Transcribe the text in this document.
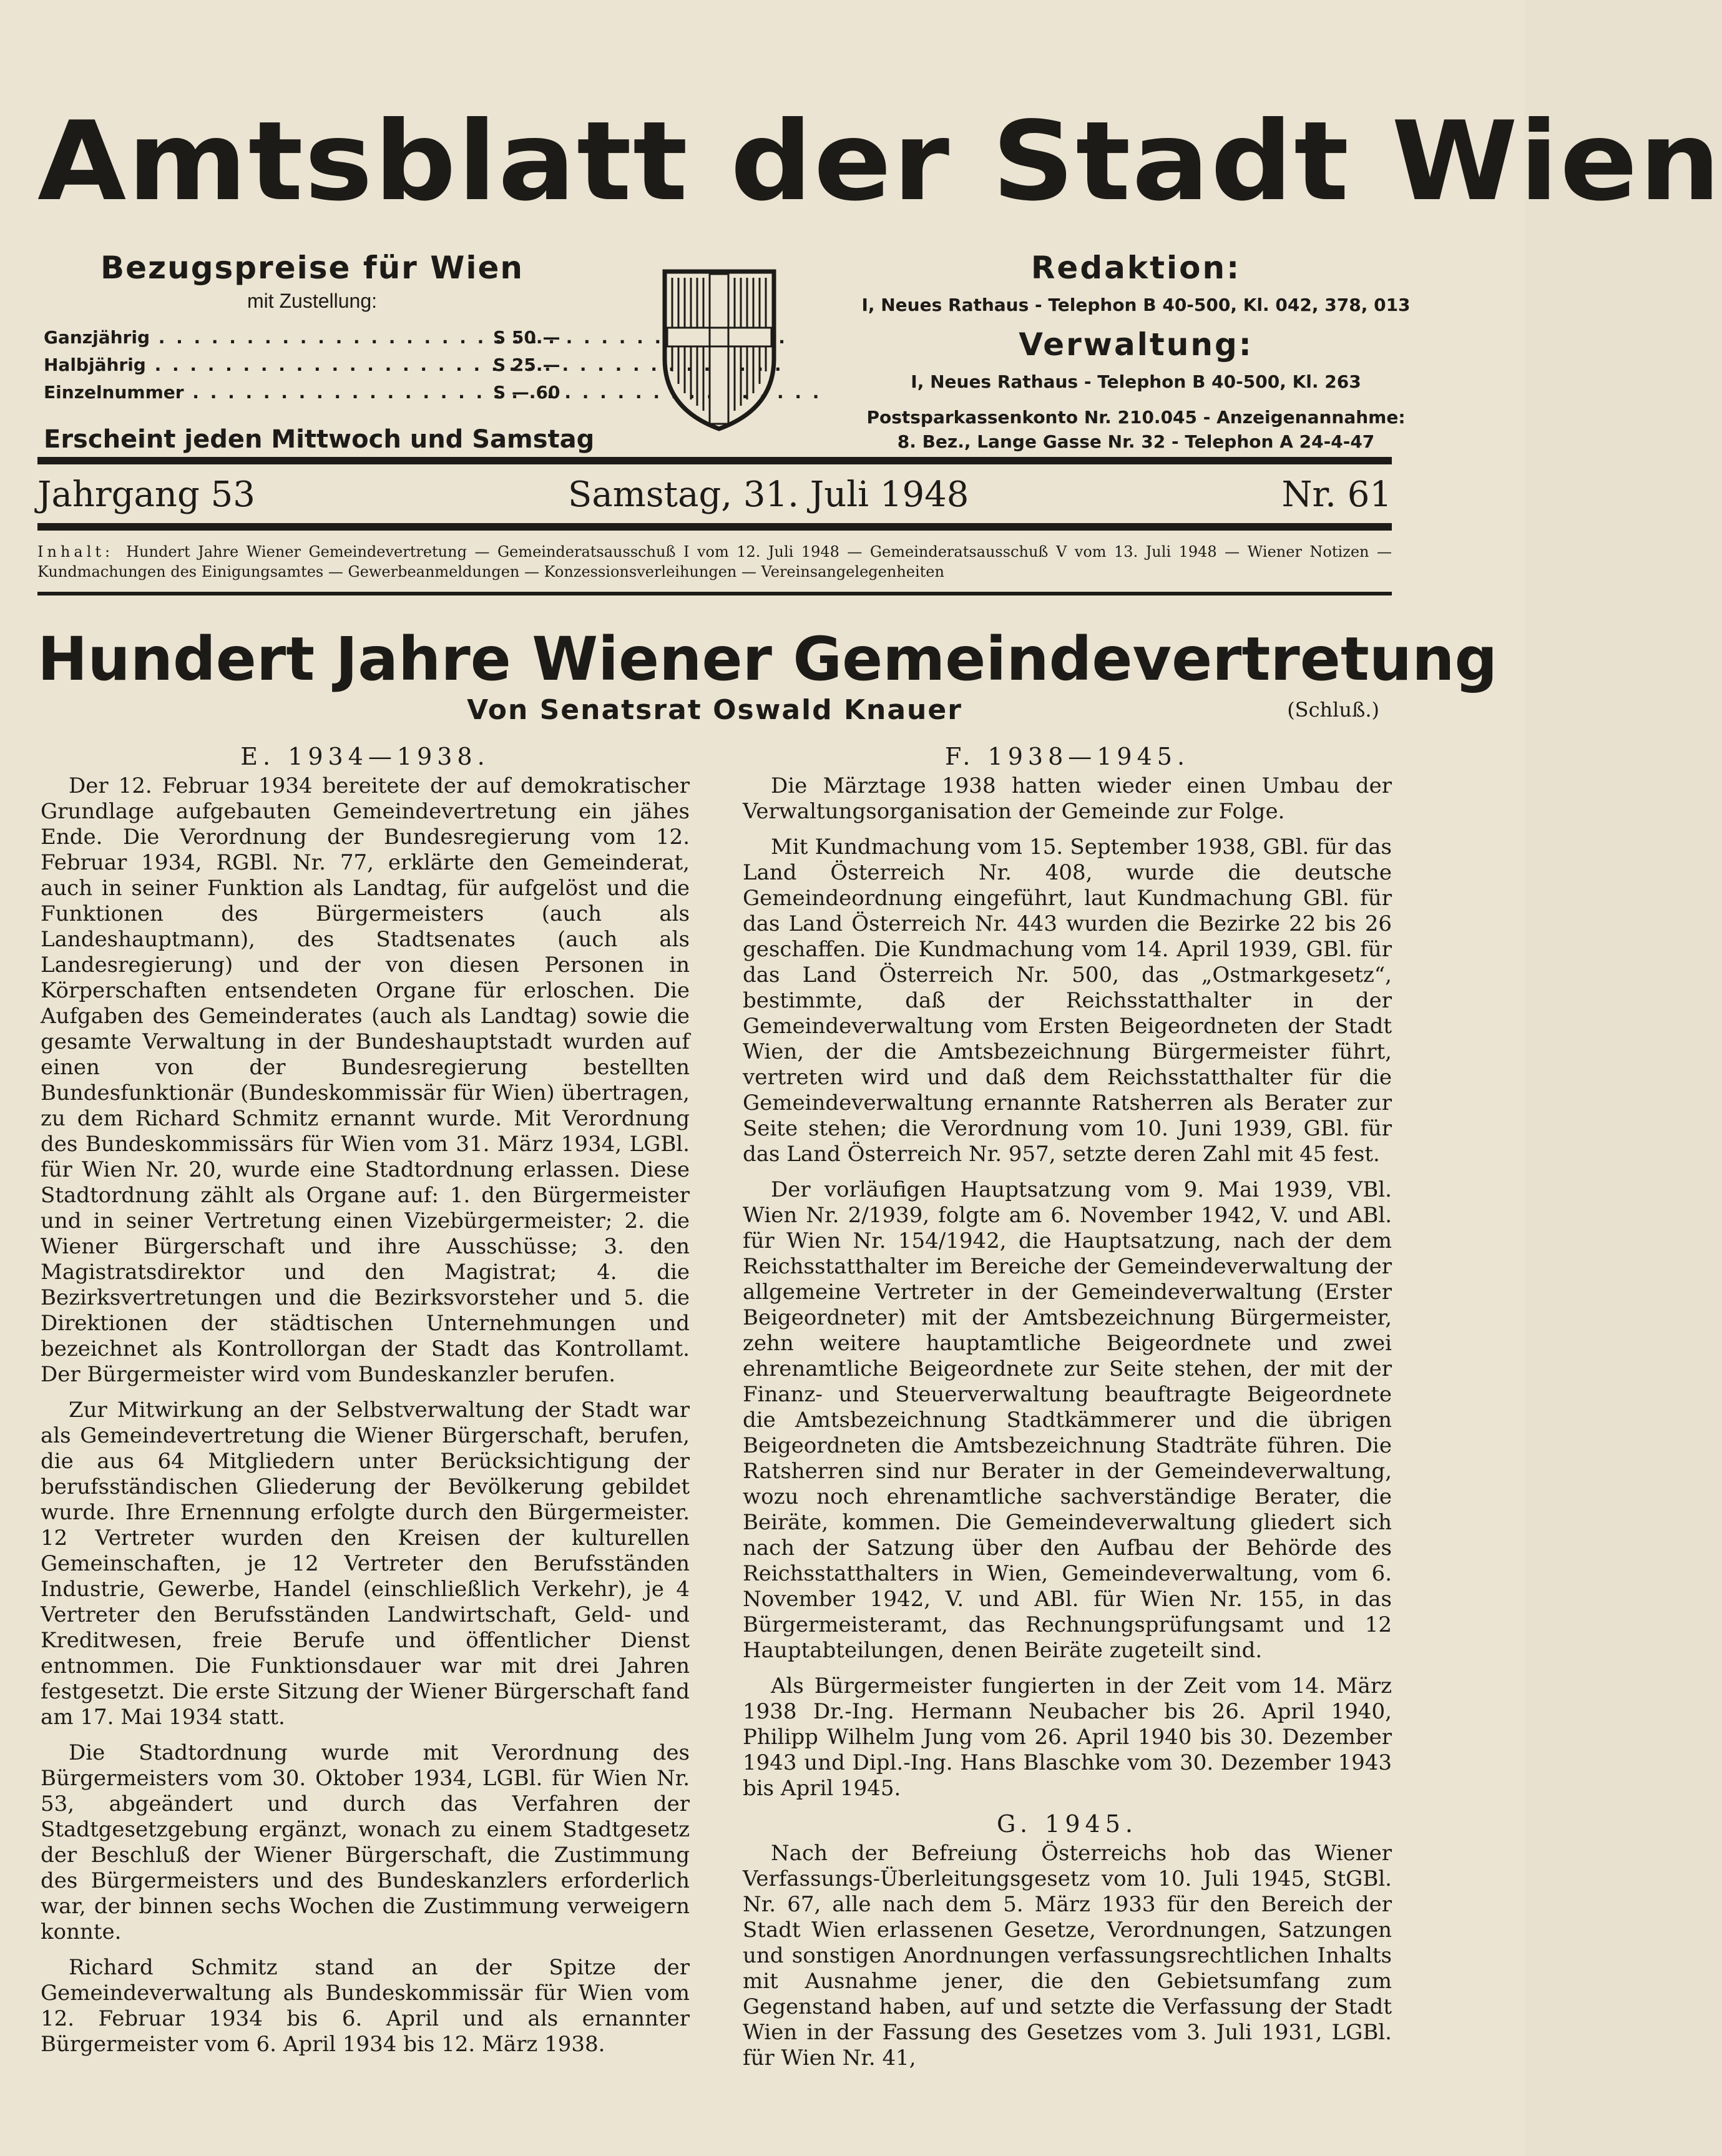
Amtsblatt der Stadt Wien
Bezugspreise für Wien
mit Zustellung:
Ganzjährig . . .	S 50.—
Halbjährig . . .	S 25.—
Einzelnummer . . .	S —.60
Erscheint jeden Mittwoch und Samstag
Redaktion:
I, Neues Rathaus - Telephon B 40-500, Kl. 042, 378, 013
Verwaltung:
I, Neues Rathaus - Telephon B 40-500, Kl. 263
Postsparkassenkonto Nr. 210.045 - Anzeigenannahme:
8. Bez., Lange Gasse Nr. 32 - Telephon A 24-4-47
Jahrgang 53	Samstag, 31. Juli 1948	Nr. 61
Inhalt: Hundert Jahre Wiener Gemeindevertretung — Gemeinderatsausschuß I vom 12. Juli 1948 — Gemeinderatsausschuß V vom 13. Juli 1948 — Wiener Notizen — Kundmachungen des Einigungsamtes — Gewerbeanmeldungen — Konzessionsverleihungen — Vereinsangelegenheiten
Hundert Jahre Wiener Gemeindevertretung
Von Senatsrat Oswald Knauer	(Schluß.)
E. 1934—1938.

Der 12. Februar 1934 bereitete der auf demokratischer Grundlage aufgebauten Gemeindevertretung ein jähes Ende. Die Verordnung der Bundesregierung vom 12. Februar 1934, RGBl. Nr. 77, erklärte den Gemeinderat, auch in seiner Funktion als Landtag, für aufgelöst und die Funktionen des Bürgermeisters (auch als Landeshauptmann), des Stadtsenates (auch als Landesregierung) und der von diesen Personen in Körperschaften entsendeten Organe für erloschen. Die Aufgaben des Gemeinderates (auch als Landtag) sowie die gesamte Verwaltung in der Bundeshauptstadt wurden auf einen von der Bundesregierung bestellten Bundesfunktionär (Bundeskommissär für Wien) übertragen, zu dem Richard Schmitz ernannt wurde. Mit Verordnung des Bundeskommissärs für Wien vom 31. März 1934, LGBl. für Wien Nr. 20, wurde eine Stadtordnung erlassen. Diese Stadtordnung zählt als Organe auf: 1. den Bürgermeister und in seiner Vertretung einen Vizebürgermeister; 2. die Wiener Bürgerschaft und ihre Ausschüsse; 3. den Magistratsdirektor und den Magistrat; 4. die Bezirksvertretungen und die Bezirksvorsteher und 5. die Direktionen der städtischen Unternehmungen und bezeichnet als Kontrollorgan der Stadt das Kontrollamt. Der Bürgermeister wird vom Bundeskanzler berufen.

Zur Mitwirkung an der Selbstverwaltung der Stadt war als Gemeindevertretung die Wiener Bürgerschaft, berufen, die aus 64 Mitgliedern unter Berücksichtigung der berufsständischen Gliederung der Bevölkerung gebildet wurde. Ihre Ernennung erfolgte durch den Bürgermeister. 12 Vertreter wurden den Kreisen der kulturellen Gemeinschaften, je 12 Vertreter den Berufsständen Industrie, Gewerbe, Handel (einschließlich Verkehr), je 4 Vertreter den Berufsständen Landwirtschaft, Geld- und Kreditwesen, freie Berufe und öffentlicher Dienst entnommen. Die Funktionsdauer war mit drei Jahren festgesetzt. Die erste Sitzung der Wiener Bürgerschaft fand am 17. Mai 1934 statt.

Die Stadtordnung wurde mit Verordnung des Bürgermeisters vom 30. Oktober 1934, LGBl. für Wien Nr. 53, abgeändert und durch das Verfahren der Stadtgesetzgebung ergänzt, wonach zu einem Stadtgesetz der Beschluß der Wiener Bürgerschaft, die Zustimmung des Bürgermeisters und des Bundeskanzlers erforderlich war, der binnen sechs Wochen die Zustimmung verweigern konnte.

Richard Schmitz stand an der Spitze der Gemeindeverwaltung als Bundeskommissär für Wien vom 12. Februar 1934 bis 6. April und als ernannter Bürgermeister vom 6. April 1934 bis 12. März 1938.

F. 1938—1945.

Die Märztage 1938 hatten wieder einen Umbau der Verwaltungsorganisation der Gemeinde zur Folge.

Mit Kundmachung vom 15. September 1938, GBl. für das Land Österreich Nr. 408, wurde die deutsche Gemeindeordnung eingeführt, laut Kundmachung GBl. für das Land Österreich Nr. 443 wurden die Bezirke 22 bis 26 geschaffen. Die Kundmachung vom 14. April 1939, GBl. für das Land Österreich Nr. 500, das „Ostmarkgesetz“, bestimmte, daß der Reichsstatthalter in der Gemeindeverwaltung vom Ersten Beigeordneten der Stadt Wien, der die Amtsbezeichnung Bürgermeister führt, vertreten wird und daß dem Reichsstatthalter für die Gemeindeverwaltung ernannte Ratsherren als Berater zur Seite stehen; die Verordnung vom 10. Juni 1939, GBl. für das Land Österreich Nr. 957, setzte deren Zahl mit 45 fest.

Der vorläufigen Hauptsatzung vom 9. Mai 1939, VBl. Wien Nr. 2/1939, folgte am 6. November 1942, V. und ABl. für Wien Nr. 154/1942, die Hauptsatzung, nach der dem Reichsstatthalter im Bereiche der Gemeindeverwaltung der allgemeine Vertreter in der Gemeindeverwaltung (Erster Beigeordneter) mit der Amtsbezeichnung Bürgermeister, zehn weitere hauptamtliche Beigeordnete und zwei ehrenamtliche Beigeordnete zur Seite stehen, der mit der Finanz- und Steuerverwaltung beauftragte Beigeordnete die Amtsbezeichnung Stadtkämmerer und die übrigen Beigeordneten die Amtsbezeichnung Stadträte führen. Die Ratsherren sind nur Berater in der Gemeindeverwaltung, wozu noch ehrenamtliche sachverständige Berater, die Beiräte, kommen. Die Gemeindeverwaltung gliedert sich nach der Satzung über den Aufbau der Behörde des Reichsstatthalters in Wien, Gemeindeverwaltung, vom 6. November 1942, V. und ABl. für Wien Nr. 155, in das Bürgermeisteramt, das Rechnungsprüfungsamt und 12 Hauptabteilungen, denen Beiräte zugeteilt sind.

Als Bürgermeister fungierten in der Zeit vom 14. März 1938 Dr.-Ing. Hermann Neubacher bis 26. April 1940, Philipp Wilhelm Jung vom 26. April 1940 bis 30. Dezember 1943 und Dipl.-Ing. Hans Blaschke vom 30. Dezember 1943 bis April 1945.

G. 1945.

Nach der Befreiung Österreichs hob das Wiener Verfassungs-Überleitungsgesetz vom 10. Juli 1945, StGBl. Nr. 67, alle nach dem 5. März 1933 für den Bereich der Stadt Wien erlassenen Gesetze, Verordnungen, Satzungen und sonstigen Anordnungen verfassungsrechtlichen Inhalts mit Ausnahme jener, die den Gebietsumfang zum Gegenstand haben, auf und setzte die Verfassung der Stadt Wien in der Fassung des Gesetzes vom 3. Juli 1931, LGBl. für Wien Nr. 41,
